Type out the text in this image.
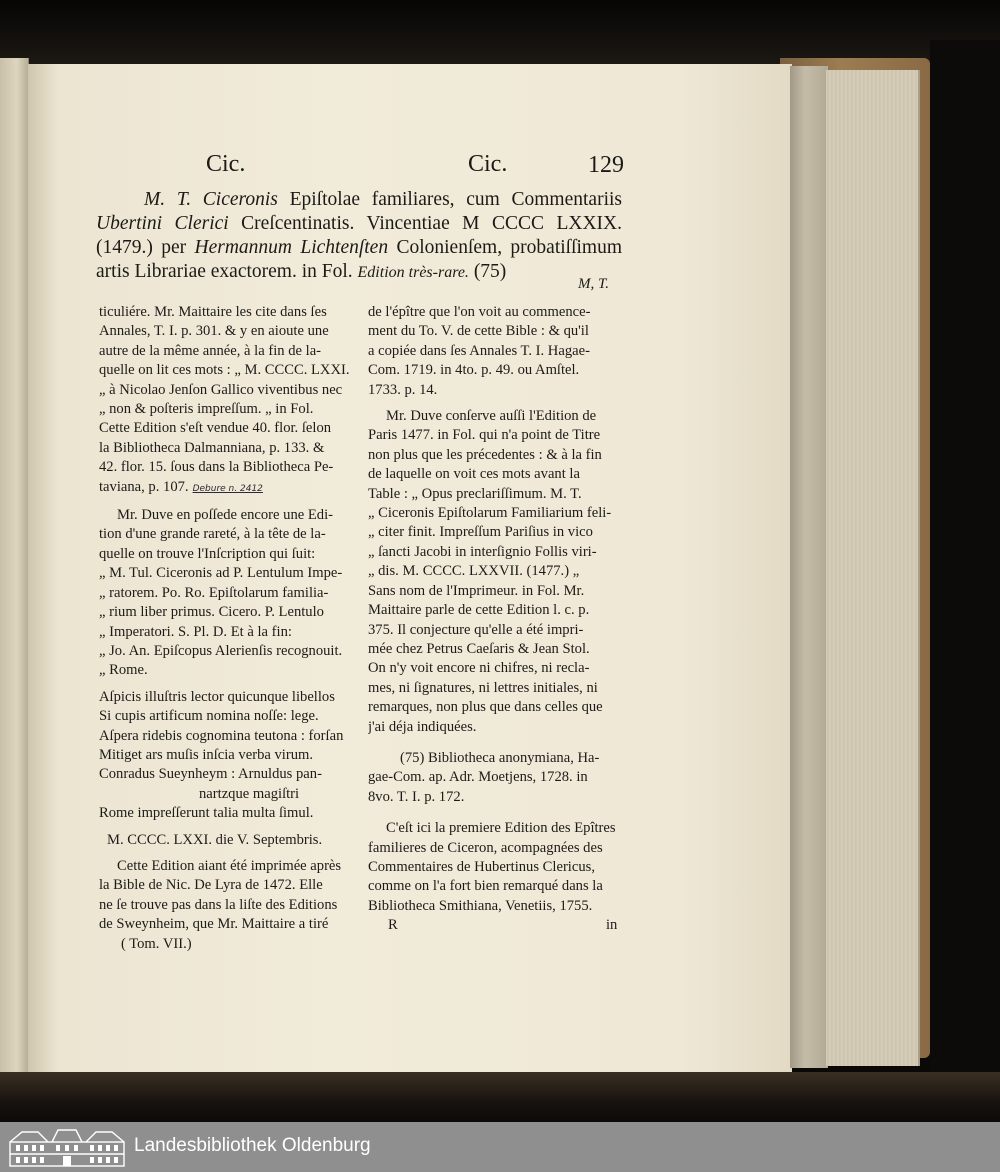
Cic.	Cic.	129
M. T. Ciceronis Epiſtolae familiares, cum Commentariis Ubertini Clerici Creſcentinatis. Vincentiae M CCCC LXXIX. (1479.) per Hermannum Lichtenſten Colonienſem, probatiſſimum artis Librariae exactorem. in Fol. Edition très-rare. (75)
M, T.
ticuliére. Mr. Maittaire les cite dans ſes
Annales, T. I. p. 301. & y en aioute une
autre de la même année, à la fin de la-
quelle on lit ces mots : „ M. CCCC. LXXI.
„ à Nicolao Jenſon Gallico viventibus nec
„ non & poſteris impreſſum. „ in Fol.
Cette Edition s'eſt vendue 40. flor. ſelon
la Bibliotheca Dalmanniana, p. 133. &
42. flor. 15. ſous dans la Bibliotheca Pe-
taviana, p. 107. Debure n. 2412
Mr. Duve en poſſede encore une Edi-
tion d'une grande rareté, à la tête de la-
quelle on trouve l'Inſcription qui ſuit:
„ M. Tul. Ciceronis ad P. Lentulum Impe-
„ ratorem. Po. Ro. Epiſtolarum familia-
„ rium liber primus. Cicero. P. Lentulo
„ Imperatori. S. Pl. D. Et à la fin:
„ Jo. An. Epiſcopus Alerienſis recognouit.
„ Rome.
Aſpicis illuſtris lector quicunque libellos
Si cupis artificum nomina noſſe: lege.
Aſpera ridebis cognomina teutona : forſan
Mitiget ars muſis inſcia verba virum.
Conradus Sueynheym : Arnuldus pan-
nartzque magiſtri
Rome impreſſerunt talia multa ſimul.
M. CCCC. LXXI. die V. Septembris.
Cette Edition aiant été imprimée après
la Bible de Nic. De Lyra de 1472. Elle
ne ſe trouve pas dans la liſte des Editions
de Sweynheim, que Mr. Maittaire a tiré
( Tom. VII.)
de l'épître que l'on voit au commence-
ment du To. V. de cette Bible : & qu'il
a copiée dans ſes Annales T. I. Hagae-
Com. 1719. in 4to. p. 49. ou Amſtel.
1733. p. 14.
Mr. Duve conſerve auſſi l'Edition de
Paris 1477. in Fol. qui n'a point de Titre
non plus que les précedentes : & à la fin
de laquelle on voit ces mots avant la
Table : „ Opus preclariſſimum. M. T.
„ Ciceronis Epiſtolarum Familiarium feli-
„ citer finit. Impreſſum Pariſius in vico
„ ſancti Jacobi in interſignio Follis viri-
„ dis. M. CCCC. LXXVII. (1477.) „
Sans nom de l'Imprimeur. in Fol. Mr.
Maittaire parle de cette Edition l. c. p.
375. Il conjecture qu'elle a été impri-
mée chez Petrus Caeſaris & Jean Stol.
On n'y voit encore ni chifres, ni recla-
mes, ni ſignatures, ni lettres initiales, ni
remarques, non plus que dans celles que
j'ai déja indiquées.
(75) Bibliotheca anonymiana, Ha-
gae-Com. ap. Adr. Moetjens, 1728. in
8vo. T. I. p. 172.
C'eſt ici la premiere Edition des Epîtres
familieres de Ciceron, acompagnées des
Commentaires de Hubertinus Clericus,
comme on l'a fort bien remarqué dans la
Bibliotheca Smithiana, Venetiis, 1755.
R	in
Landesbibliothek Oldenburg
